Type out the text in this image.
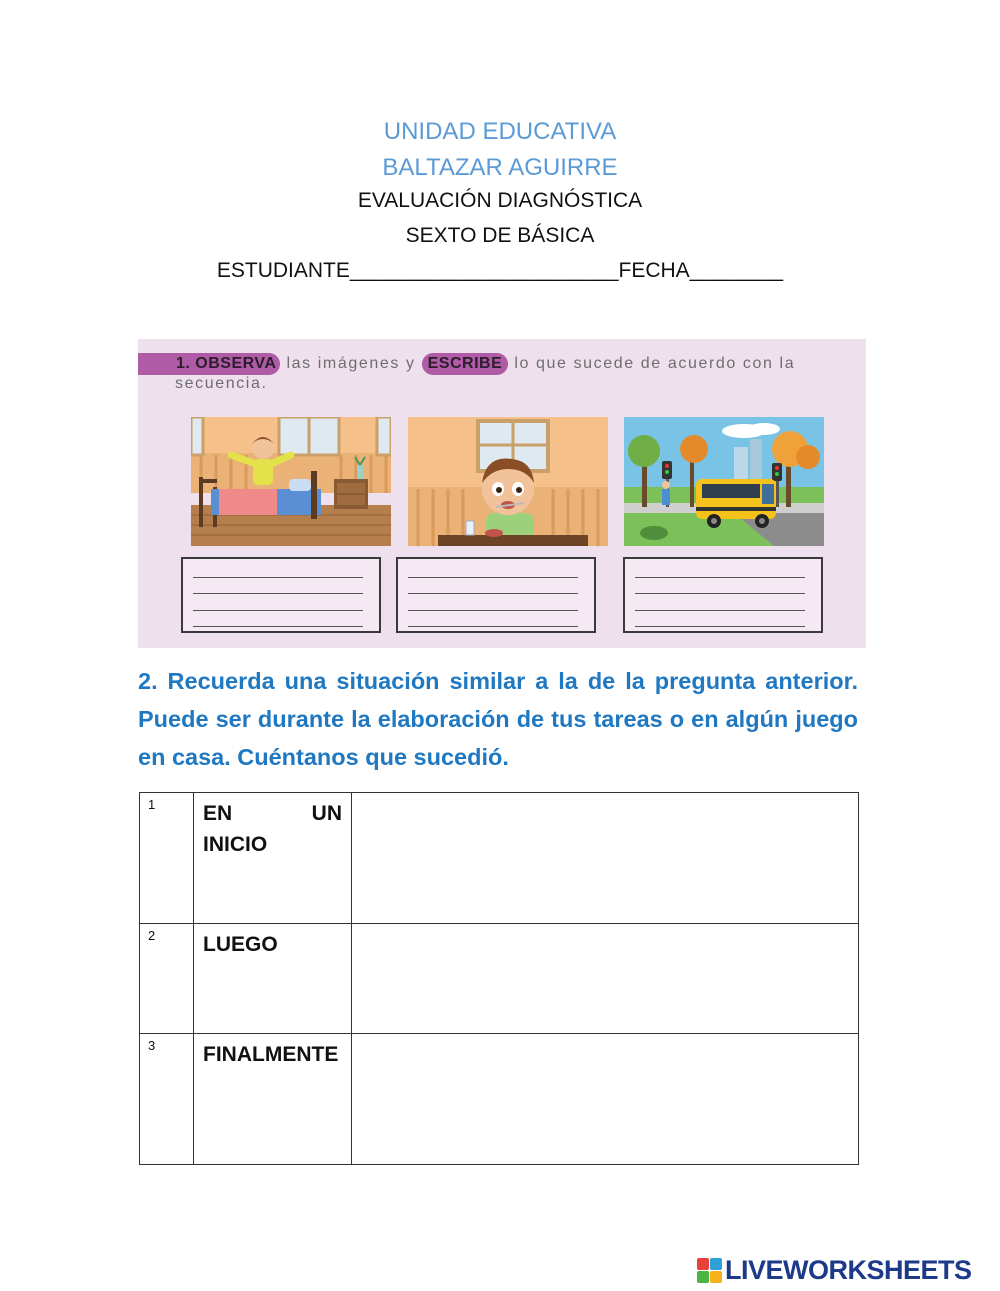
UNIDAD EDUCATIVA

BALTAZAR AGUIRRE

EVALUACIÓN DIAGNÓSTICA

SEXTO DE BÁSICA

ESTUDIANTE_______________________FECHA________

1. OBSERVA las imágenes y ESCRIBE lo que sucede de acuerdo con la
secuencia.

2. Recuerda una situación similar a la de la pregunta anterior. Puede ser durante la elaboración de tus tareas o en algún juego en casa. Cuéntanos que sucedió.

1	EN UN
INICIO	

2	LUEGO	
3	FINALMENTE	
LIVEWORKSHEETS
